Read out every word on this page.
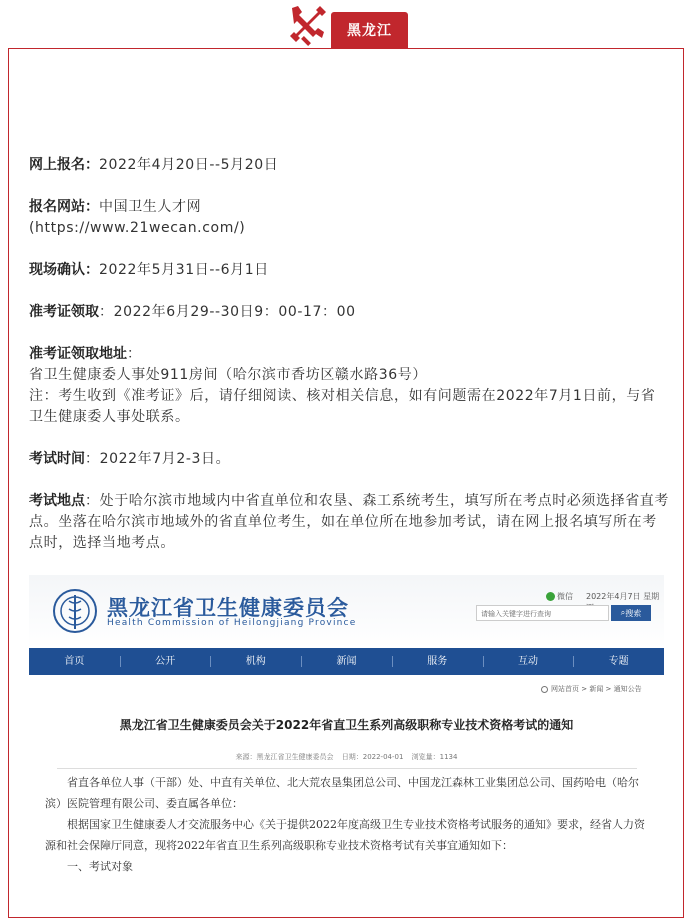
黑龙江
网上报名：2022年4月20日--5月20日
报名网站：中国卫生人才网
(https://www.21wecan.com/)
现场确认：2022年5月31日--6月1日
准考证领取：2022年6月29--30日9：00-17：00
准考证领取地址：
省卫生健康委人事处911房间（哈尔滨市香坊区赣水路36号）
注：考生收到《准考证》后，请仔细阅读、核对相关信息，如有问题需在2022年7月1日前，与省卫生健康委人事处联系。
考试时间：2022年7月2-3日。
考试地点：处于哈尔滨市地域内中省直单位和农垦、森工系统考生，填写所在考点时必须选择省直考点。坐落在哈尔滨市地域外的省直单位考生，如在单位所在地参加考试，请在网上报名填写所在考点时，选择当地考点。
黑龙江省卫生健康委员会
Health Commission of Heilongjiang Province
微信 2022年4月7日 星期
请输入关键字进行查询	⌕ 搜索
首页	公开	机构	新闻	服务	互动	专题
网站首页 > 新闻 > 通知公告
黑龙江省卫生健康委员会关于2022年省直卫生系列高级职称专业技术资格考试的通知
来源：黑龙江省卫生健康委员会 日期：2022-04-01 浏览量：1134

省直各单位人事（干部）处、中直有关单位、北大荒农垦集团总公司、中国龙江森林工业集团总公司、国药哈电（哈尔滨）医院管理有限公司、委直属各单位：

根据国家卫生健康委人才交流服务中心《关于提供2022年度高级卫生专业技术资格考试服务的通知》要求，经省人力资源和社会保障厅同意，现将2022年省直卫生系列高级职称专业技术资格考试有关事宜通知如下：

一、考试对象
